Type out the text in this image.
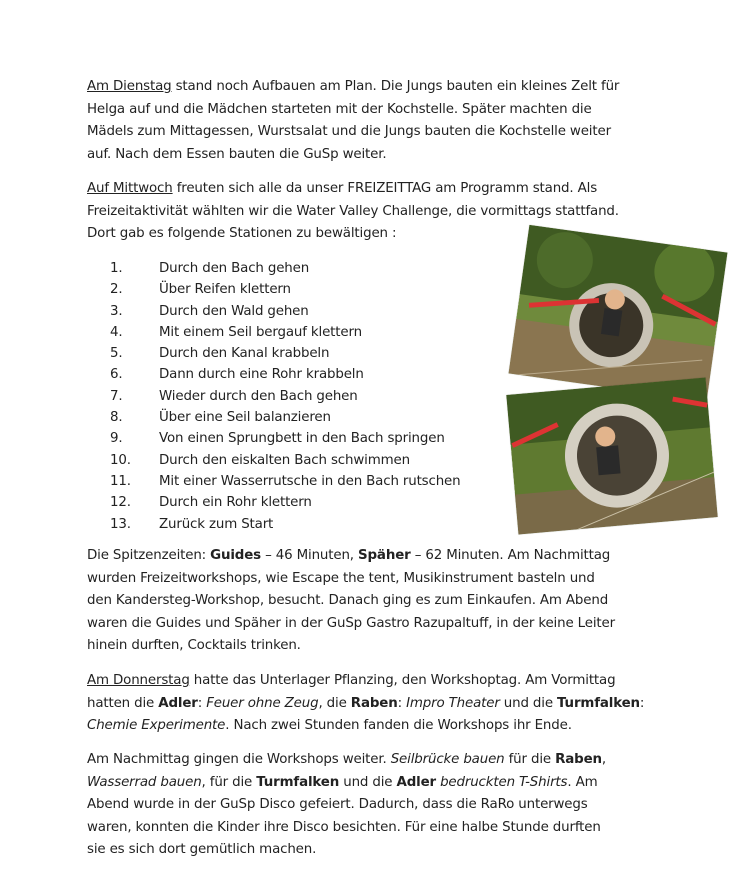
Am Dienstag stand noch Aufbauen am Plan. Die Jungs bauten ein kleines Zelt für

Helga auf und die Mädchen starteten mit der Kochstelle. Später machten die

Mädels zum Mittagessen, Wurstsalat und die Jungs bauten die Kochstelle weiter

auf. Nach dem Essen bauten die GuSp weiter.

Auf Mittwoch freuten sich alle da unser FREIZEITTAG am Programm stand. Als

Freizeitaktivität wählten wir die Water Valley Challenge, die vormittags stattfand.

Dort gab es folgende Stationen zu bewältigen :

1.	Durch den Bach gehen
2.	Über Reifen klettern
3.	Durch den Wald gehen
4.	Mit einem Seil bergauf klettern
5.	Durch den Kanal krabbeln
6.	Dann durch eine Rohr krabbeln
7.	Wieder durch den Bach gehen
8.	Über eine Seil balanzieren
9.	Von einen Sprungbett in den Bach springen
10.	Durch den eiskalten Bach schwimmen
11.	Mit einer Wasserrutsche in den Bach rutschen
12.	Durch ein Rohr klettern
13.	Zurück zum Start

Die Spitzenzeiten: Guides – 46 Minuten, Späher – 62 Minuten. Am Nachmittag

wurden Freizeitworkshops, wie Escape the tent, Musikinstrument basteln und

den Kandersteg-Workshop, besucht. Danach ging es zum Einkaufen. Am Abend

waren die Guides und Späher in der GuSp Gastro Razupaltuff, in der keine Leiter

hinein durften, Cocktails trinken.

Am Donnerstag hatte das Unterlager Pflanzing, den Workshoptag. Am Vormittag

hatten die Adler: Feuer ohne Zeug, die Raben: Impro Theater und die Turmfalken:

Chemie Experimente. Nach zwei Stunden fanden die Workshops ihr Ende.

Am Nachmittag gingen die Workshops weiter. Seilbrücke bauen für die Raben,

Wasserrad bauen, für die Turmfalken und die Adler bedruckten T-Shirts. Am

Abend wurde in der GuSp Disco gefeiert. Dadurch, dass die RaRo unterwegs

waren, konnten die Kinder ihre Disco besichten. Für eine halbe Stunde durften

sie es sich dort gemütlich machen.
